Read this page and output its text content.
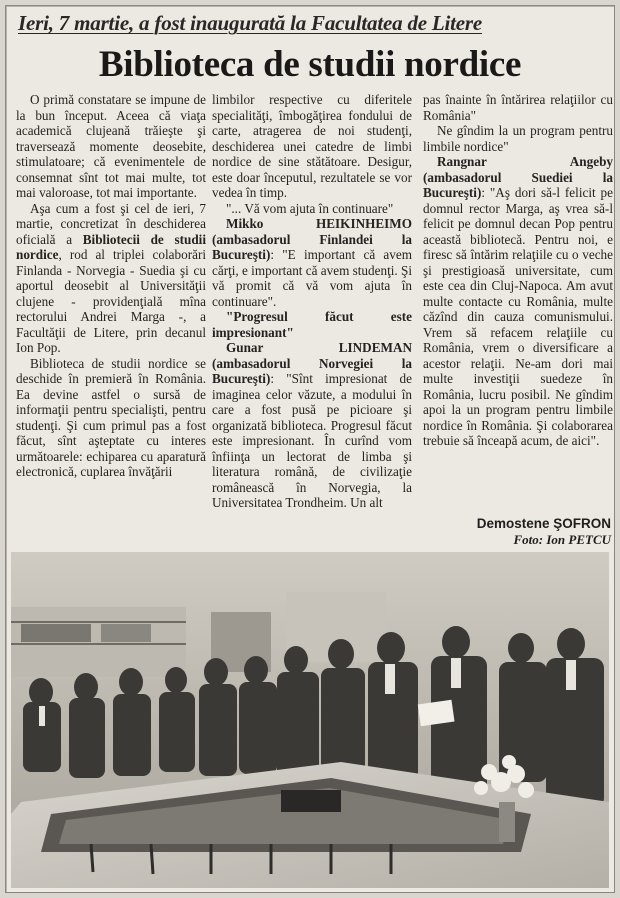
Ieri, 7 martie, a fost inaugurată la Facultatea de Litere
Biblioteca de studii nordice

O primă constatare se impune de la bun început. Aceea că viaţa academică clujeană trăieşte şi traversează momente deosebite, stimulatoare; că evenimentele de consemnat sînt tot mai multe, tot mai valoroase, tot mai importante.

Aşa cum a fost şi cel de ieri, 7 martie, concretizat în deschiderea oficială a Bibliotecii de studii nordice, rod al triplei colaborări Finlanda - Norvegia - Suedia şi cu aportul deosebit al Universităţii clujene - providenţială mîna rectorului Andrei Marga -, a Facultăţii de Litere, prin decanul Ion Pop.

Biblioteca de studii nordice se deschide în premieră în România. Ea devine astfel o sursă de informaţii pentru specialişti, pentru studenţi. Şi cum primul pas a fost făcut, sînt aşteptate cu interes următoarele: echiparea cu aparatură electronică, cuplarea învăţării

limbilor respective cu diferitele specialităţi, îmbogăţirea fondului de carte, atragerea de noi studenţi, deschiderea unei catedre de limbi nordice de sine stătătoare. Desigur, este doar începutul, rezultatele se vor vedea în timp.

"... Vă vom ajuta în continuare"

Mikko HEIKINHEIMO (ambasadorul Finlandei la Bucureşti): "E important că avem cărţi, e important că avem studenţi. Şi vă promit că vă vom ajuta în continuare".

"Progresul făcut este impresionant"

Gunar LINDEMAN (ambasadorul Norvegiei la Bucureşti): "Sînt impresionat de imaginea celor văzute, a modului în care a fost pusă pe picioare şi organizată biblioteca. Progresul făcut este impresionant. În curînd vom înfiinţa un lectorat de limba şi literatura română, de civilizaţie românească în Norvegia, la Universitatea Trondheim. Un alt

pas înainte în întărirea relaţiilor cu România"

Ne gîndim la un program pentru limbile nordice"

Rangnar Angeby (ambasadorul Suediei la Bucureşti): "Aş dori să-l felicit pe domnul rector Marga, aş vrea să-l felicit pe domnul decan Pop pentru această bibliotecă. Pentru noi, e firesc să întărim relaţiile cu o veche şi prestigioasă universitate, cum este cea din Cluj-Napoca. Am avut multe contacte cu România, multe căzînd din cauza comunismului. Vrem să refacem relaţiile cu România, vrem o diversificare a acestor relaţii. Ne-am dori mai multe investiţii suedeze în România, lucru posibil. Ne gîndim apoi la un program pentru limbile nordice în România. Şi colaborarea trebuie să înceapă acum, de aici".

Demostene ŞOFRON
Foto: Ion PETCU
